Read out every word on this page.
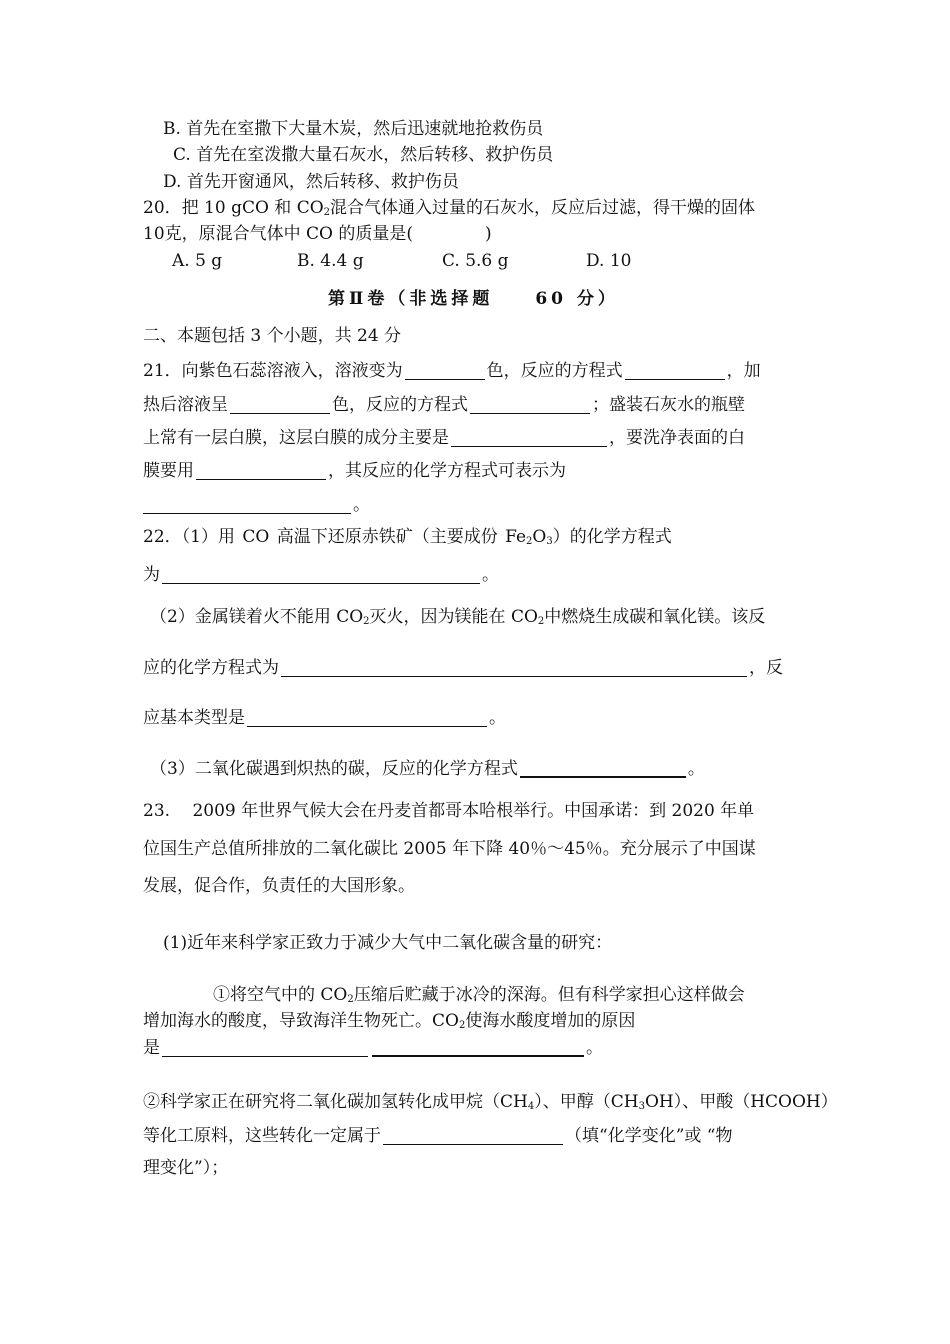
B. 首先在室撒下大量木炭，然后迅速就地抢救伤员
C. 首先在室泼撒大量石灰水，然后转移、救护伤员
D. 首先开窗通风，然后转移、救护伤员
20．把 10 gCO 和 $CO_2$混合气体通入过量的石灰水，反应后过滤，得干燥的固体
10克，原混合气体中 CO 的质量是(	)
A. 5 g	B. 4.4 g	C. 5.6 g	D. 10
第Ⅱ卷（非选择题　　60 分）
二、本题包括 3 个小题，共 24 分
21．向紫色石蕊溶液入，溶液变为	色，反应的方程式	，加
热后溶液呈	色，反应的方程式	；盛装石灰水的瓶壁
上常有一层白膜，这层白膜的成分主要是	，要洗净表面的白
膜要用	，其反应的化学方程式可表示为
。
22．（1）用 CO 高温下还原赤铁矿（主要成份 $Fe_2O_3$）的化学方程式
为	。
（2）金属镁着火不能用 $CO_2$灭火，因为镁能在 $CO_2$中燃烧生成碳和氧化镁。该反
应的化学方程式为	，反
应基本类型是	。
（3）二氧化碳遇到炽热的碳，反应的化学方程式	。
23.　 2009 年世界气候大会在丹麦首都哥本哈根举行。中国承诺：到 2020 年单
位国生产总值所排放的二氧化碳比 2005 年下降 40％～45％。充分展示了中国谋
发展，促合作，负责任的大国形象。
(1)近年来科学家正致力于减少大气中二氧化碳含量的研究：
①将空气中的 $CO_2$压缩后贮藏于冰冷的深海。但有科学家担心这样做会
增加海水的酸度，导致海洋生物死亡。$CO_2$使海水酸度增加的原因
是	。
②科学家正在研究将二氧化碳加氢转化成甲烷$(CH_4)$、甲醇$(CH_3OH)$、甲酸（HCOOH）
等化工原料，这些转化一定属于	（填“化学变化”或 “物
理变化”）；
